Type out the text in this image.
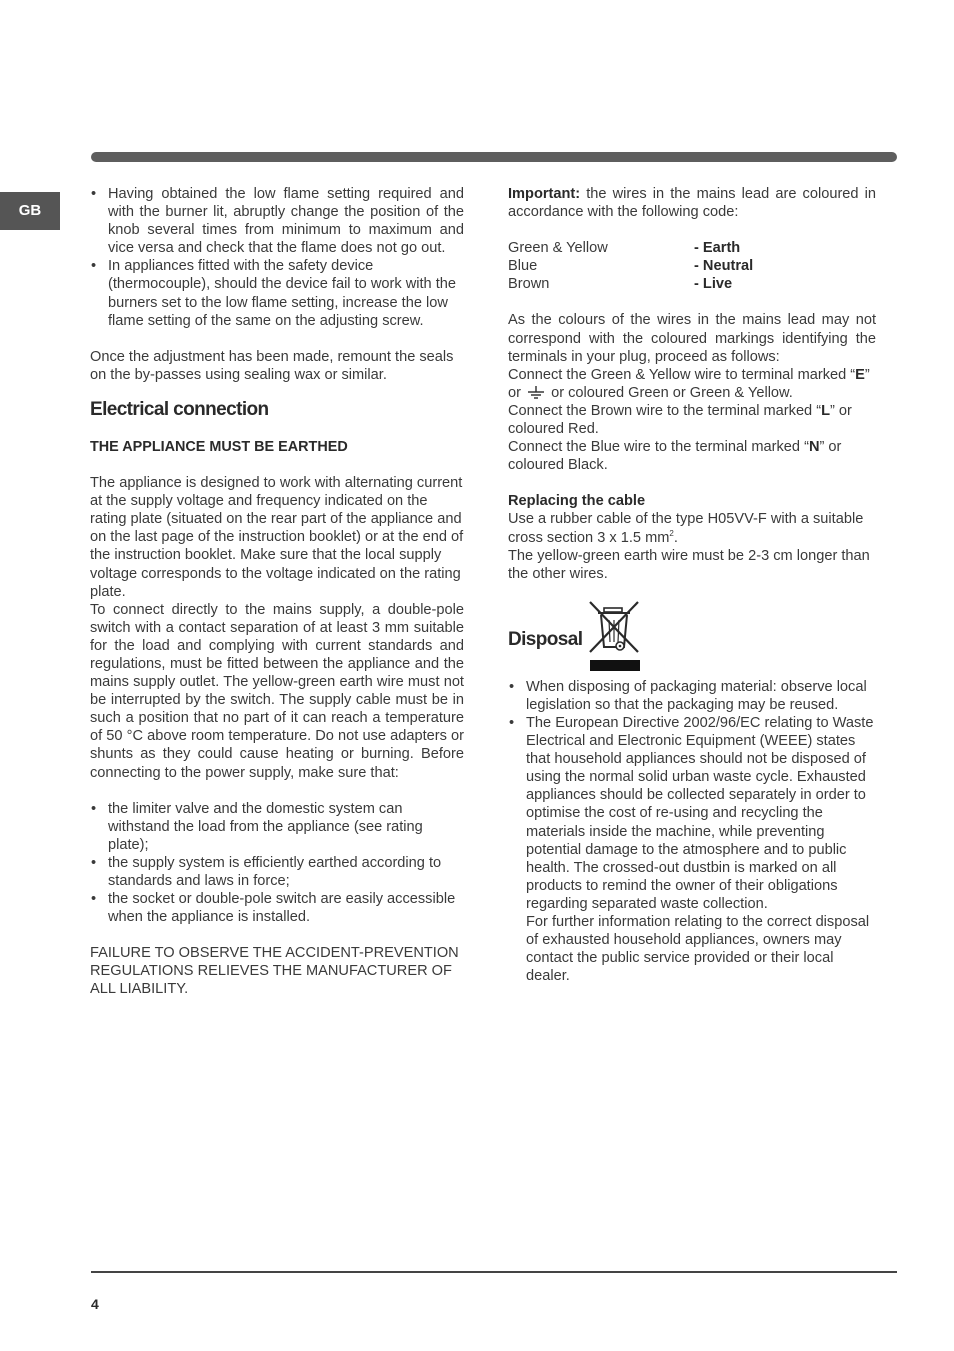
GB
• Having obtained the low flame setting required and with the burner lit, abruptly change the position of the knob several times from minimum to maximum and vice versa and check that the flame does not go out.
• In appliances fitted with the safety device (thermocouple), should the device fail to work with the burners set to the low flame setting, increase the low flame setting of the same on the adjusting screw.

Once the adjustment has been made, remount the seals on the by-passes using sealing wax or similar.

Electrical connection

THE APPLIANCE MUST BE EARTHED

The appliance is designed to work with alternating current at the supply voltage and frequency indicated on the rating plate (situated on the rear part of the appliance and on the last page of the instruction booklet) or at the end of the instruction booklet. Make sure that the local supply voltage corresponds to the voltage indicated on the rating plate.

To connect directly to the mains supply, a double-pole switch with a contact separation of at least 3 mm suitable for the load and complying with current standards and regulations, must be fitted between the appliance and the mains supply outlet. The yellow-green earth wire must not be interrupted by the switch. The supply cable must be in such a position that no part of it can reach a temperature of 50 °C above room temperature. Do not use adapters or shunts as they could cause heating or burning. Before connecting to the power supply, make sure that:

• the limiter valve and the domestic system can withstand the load from the appliance (see rating plate);
• the supply system is efficiently earthed according to standards and laws in force;
• the socket or double-pole switch are easily accessible when the appliance is installed.

FAILURE TO OBSERVE THE ACCIDENT-PREVENTION REGULATIONS RELIEVES THE MANUFACTURER OF ALL LIABILITY.

Important: the wires in the mains lead are coloured in accordance with the following code:

Green & Yellow	- Earth
Blue	- Neutral
Brown	- Live

As the colours of the wires in the mains lead may not correspond with the coloured markings identifying the terminals in your plug, proceed as follows:

Connect the Green & Yellow wire to terminal marked “E” or  or coloured Green or Green & Yellow.

Connect the Brown wire to the terminal marked “L” or coloured Red.

Connect the Blue wire to the terminal marked “N” or coloured Black.

Replacing the cable

Use a rubber cable of the type H05VV-F with a suitable cross section 3 x 1.5 $mm^2$.

The yellow-green earth wire must be 2-3 cm longer than the other wires.

Disposal
• When disposing of packaging material: observe local legislation so that the packaging may be reused.
• The European Directive 2002/96/EC relating to Waste Electrical and Electronic Equipment (WEEE) states that household appliances should not be disposed of using the normal solid urban waste cycle. Exhausted appliances should be collected separately in order to optimise the cost of re-using and recycling the materials inside the machine, while preventing potential damage to the atmosphere and to public health. The crossed-out dustbin is marked on all products to remind the owner of their obligations regarding separated waste collection.

For further information relating to the correct disposal of exhausted household appliances, owners may contact the public service provided or their local dealer.

4
